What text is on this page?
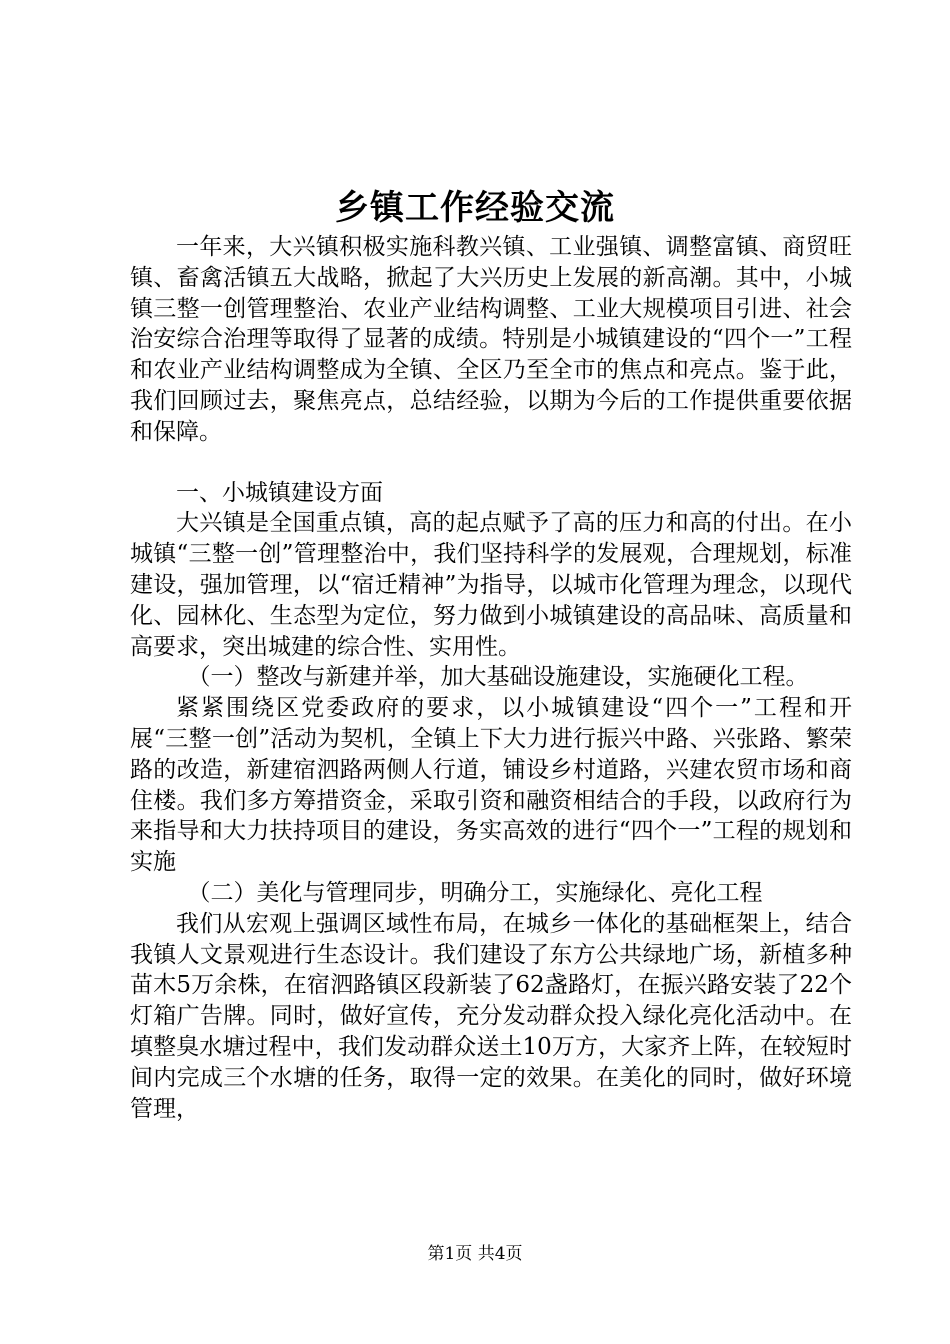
乡镇工作经验交流

一年来，大兴镇积极实施科教兴镇、工业强镇、调整富镇、商贸旺镇、畜禽活镇五大战略，掀起了大兴历史上发展的新高潮。其中，小城镇三整一创管理整治、农业产业结构调整、工业大规模项目引进、社会治安综合治理等取得了显著的成绩。特别是小城镇建设的“四个一”工程和农业产业结构调整成为全镇、全区乃至全市的焦点和亮点。鉴于此，我们回顾过去，聚焦亮点，总结经验，以期为今后的工作提供重要依据和保障。

一、小城镇建设方面

大兴镇是全国重点镇，高的起点赋予了高的压力和高的付出。在小城镇“三整一创”管理整治中，我们坚持科学的发展观，合理规划，标准建设，强加管理，以“宿迁精神”为指导，以城市化管理为理念，以现代化、园林化、生态型为定位，努力做到小城镇建设的高品味、高质量和高要求，突出城建的综合性、实用性。

（一）整改与新建并举，加大基础设施建设，实施硬化工程。

紧紧围绕区党委政府的要求，以小城镇建设“四个一”工程和开展“三整一创”活动为契机，全镇上下大力进行振兴中路、兴张路、繁荣路的改造，新建宿泗路两侧人行道，铺设乡村道路，兴建农贸市场和商住楼。我们多方筹措资金，采取引资和融资相结合的手段，以政府行为来指导和大力扶持项目的建设，务实高效的进行“四个一”工程的规划和实施

（二）美化与管理同步，明确分工，实施绿化、亮化工程

我们从宏观上强调区域性布局，在城乡一体化的基础框架上，结合我镇人文景观进行生态设计。我们建设了东方公共绿地广场，新植多种苗木5万余株，在宿泗路镇区段新装了62盏路灯，在振兴路安装了22个灯箱广告牌。同时，做好宣传，充分发动群众投入绿化亮化活动中。在填整臭水塘过程中，我们发动群众送土10万方，大家齐上阵，在较短时间内完成三个水塘的任务，取得一定的效果。在美化的同时，做好环境管理，

第1页 共4页
